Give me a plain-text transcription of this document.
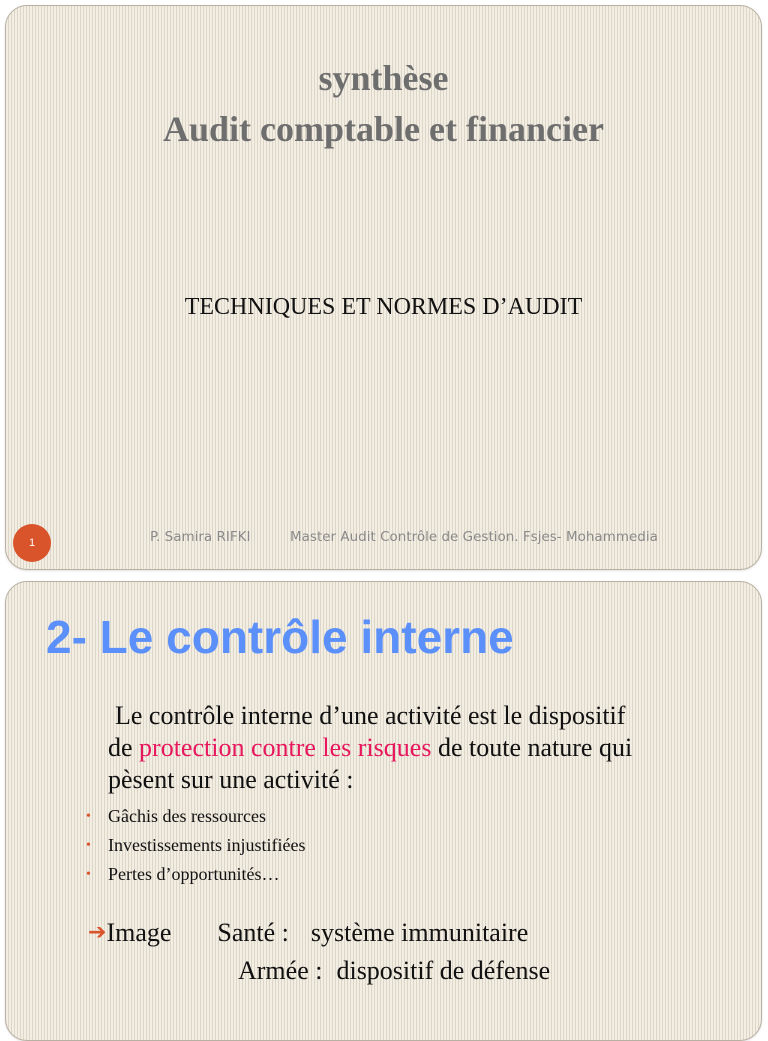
synthèse
Audit comptable et financier
TECHNIQUES ET NORMES D’AUDIT
1	P. Samira RIFKI	Master Audit Contrôle de Gestion. Fsjes- Mohammedia
2- Le contrôle interne
Le contrôle interne d’une activité est le dispositif
de protection contre les risques de toute nature qui
pèsent sur une activité :
• Gâchis des ressources
• Investissements injustifiées
• Pertes d’opportunités…
➔Image Santé : système immunitaire
Armée : dispositif de défense
